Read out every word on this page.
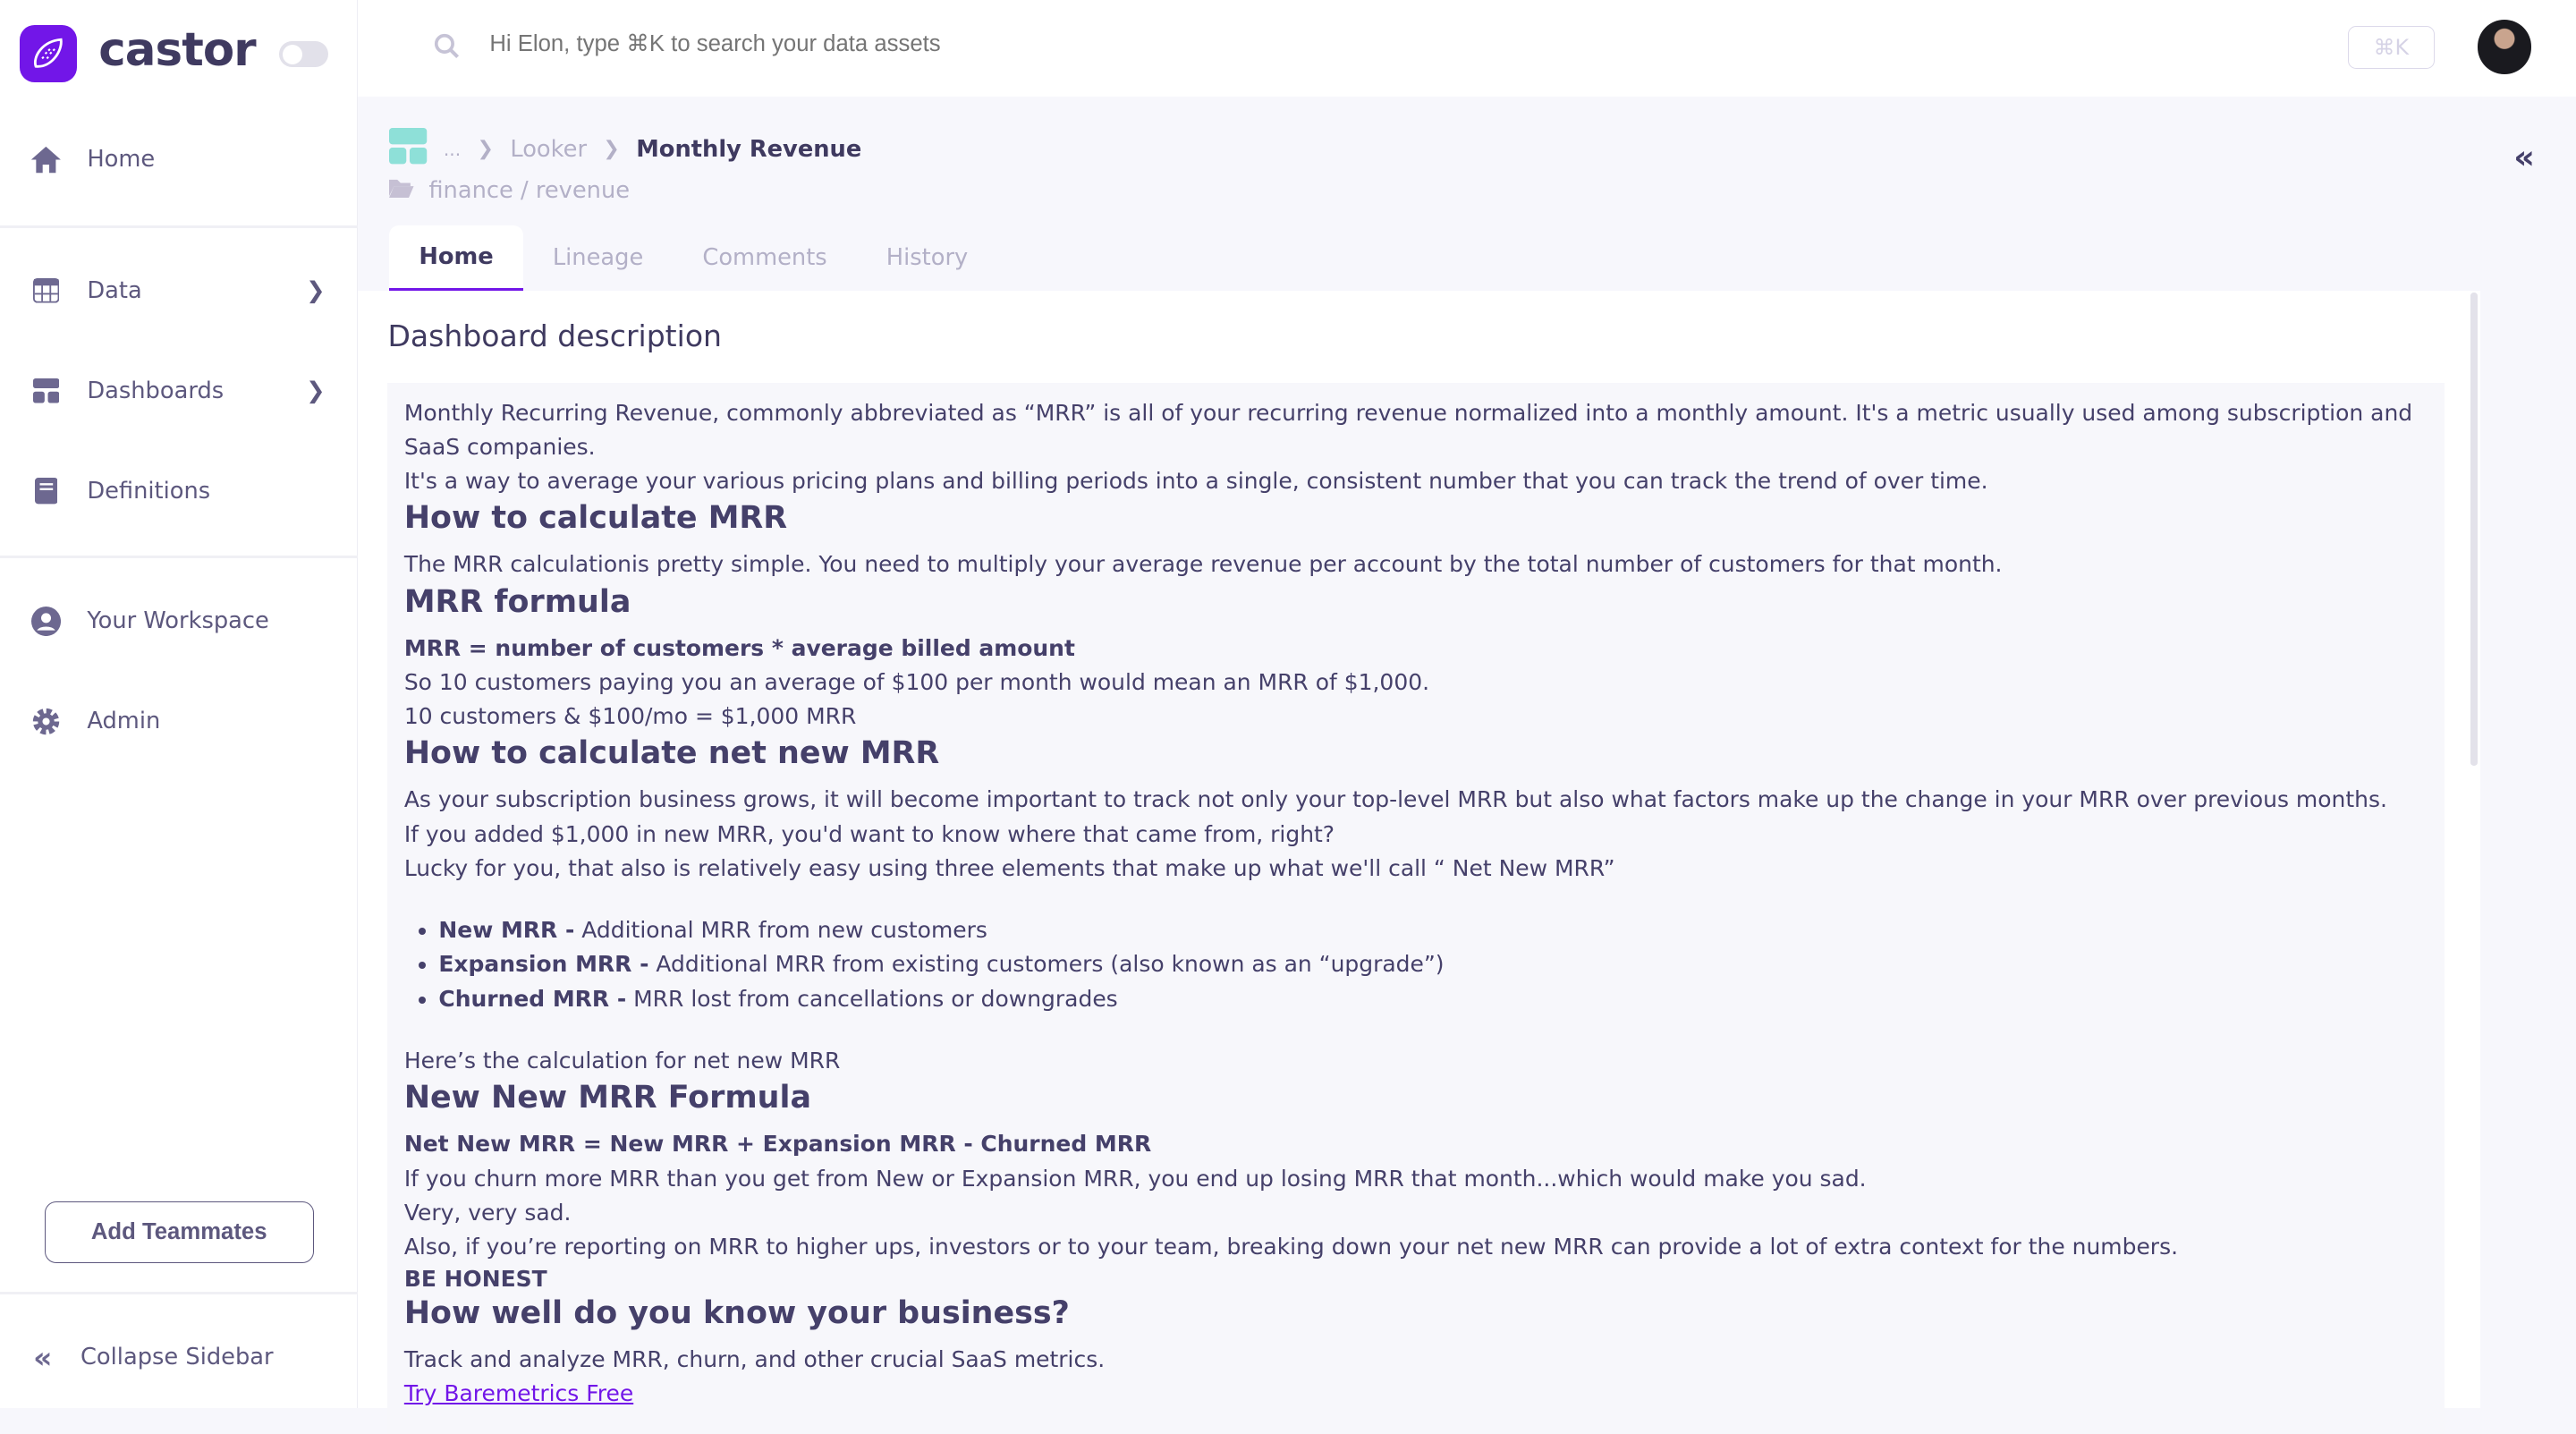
castor
Home
Data	❯
Dashboards	❯
Definitions
Your Workspace
Admin
Add Teammates
«	Collapse Sidebar
Hi Elon, type ⌘K to search your data assets
⌘K
... ❯ Looker ❯ Monthly Revenue
finance / revenue
«
Home	Lineage	Comments	History
Dashboard description

Monthly Recurring Revenue, commonly abbreviated as “MRR” is all of your recurring revenue normalized into a monthly amount. It's a metric usually used among subscription and SaaS companies.

It's a way to average your various pricing plans and billing periods into a single, consistent number that you can track the trend of over time.

How to calculate MRR

The MRR calculationis pretty simple. You need to multiply your average revenue per account by the total number of customers for that month.

MRR formula

MRR = number of customers * average billed amount

So 10 customers paying you an average of $100 per month would mean an MRR of $1,000.

10 customers & $100/mo = $1,000 MRR

How to calculate net new MRR

As your subscription business grows, it will become important to track not only your top-level MRR but also what factors make up the change in your MRR over previous months.

If you added $1,000 in new MRR, you'd want to know where that came from, right?

Lucky for you, that also is relatively easy using three elements that make up what we'll call “ Net New MRR”

• New MRR - Additional MRR from new customers
• Expansion MRR - Additional MRR from existing customers (also known as an “upgrade”)
• Churned MRR - MRR lost from cancellations or downgrades

Here’s the calculation for net new MRR

New New MRR Formula

Net New MRR = New MRR + Expansion MRR - Churned MRR

If you churn more MRR than you get from New or Expansion MRR, you end up losing MRR that month...which would make you sad.

Very, very sad.

Also, if you’re reporting on MRR to higher ups, investors or to your team, breaking down your net new MRR can provide a lot of extra context for the numbers.

BE HONEST

How well do you know your business?

Track and analyze MRR, churn, and other crucial SaaS metrics.

Try Baremetrics Free
